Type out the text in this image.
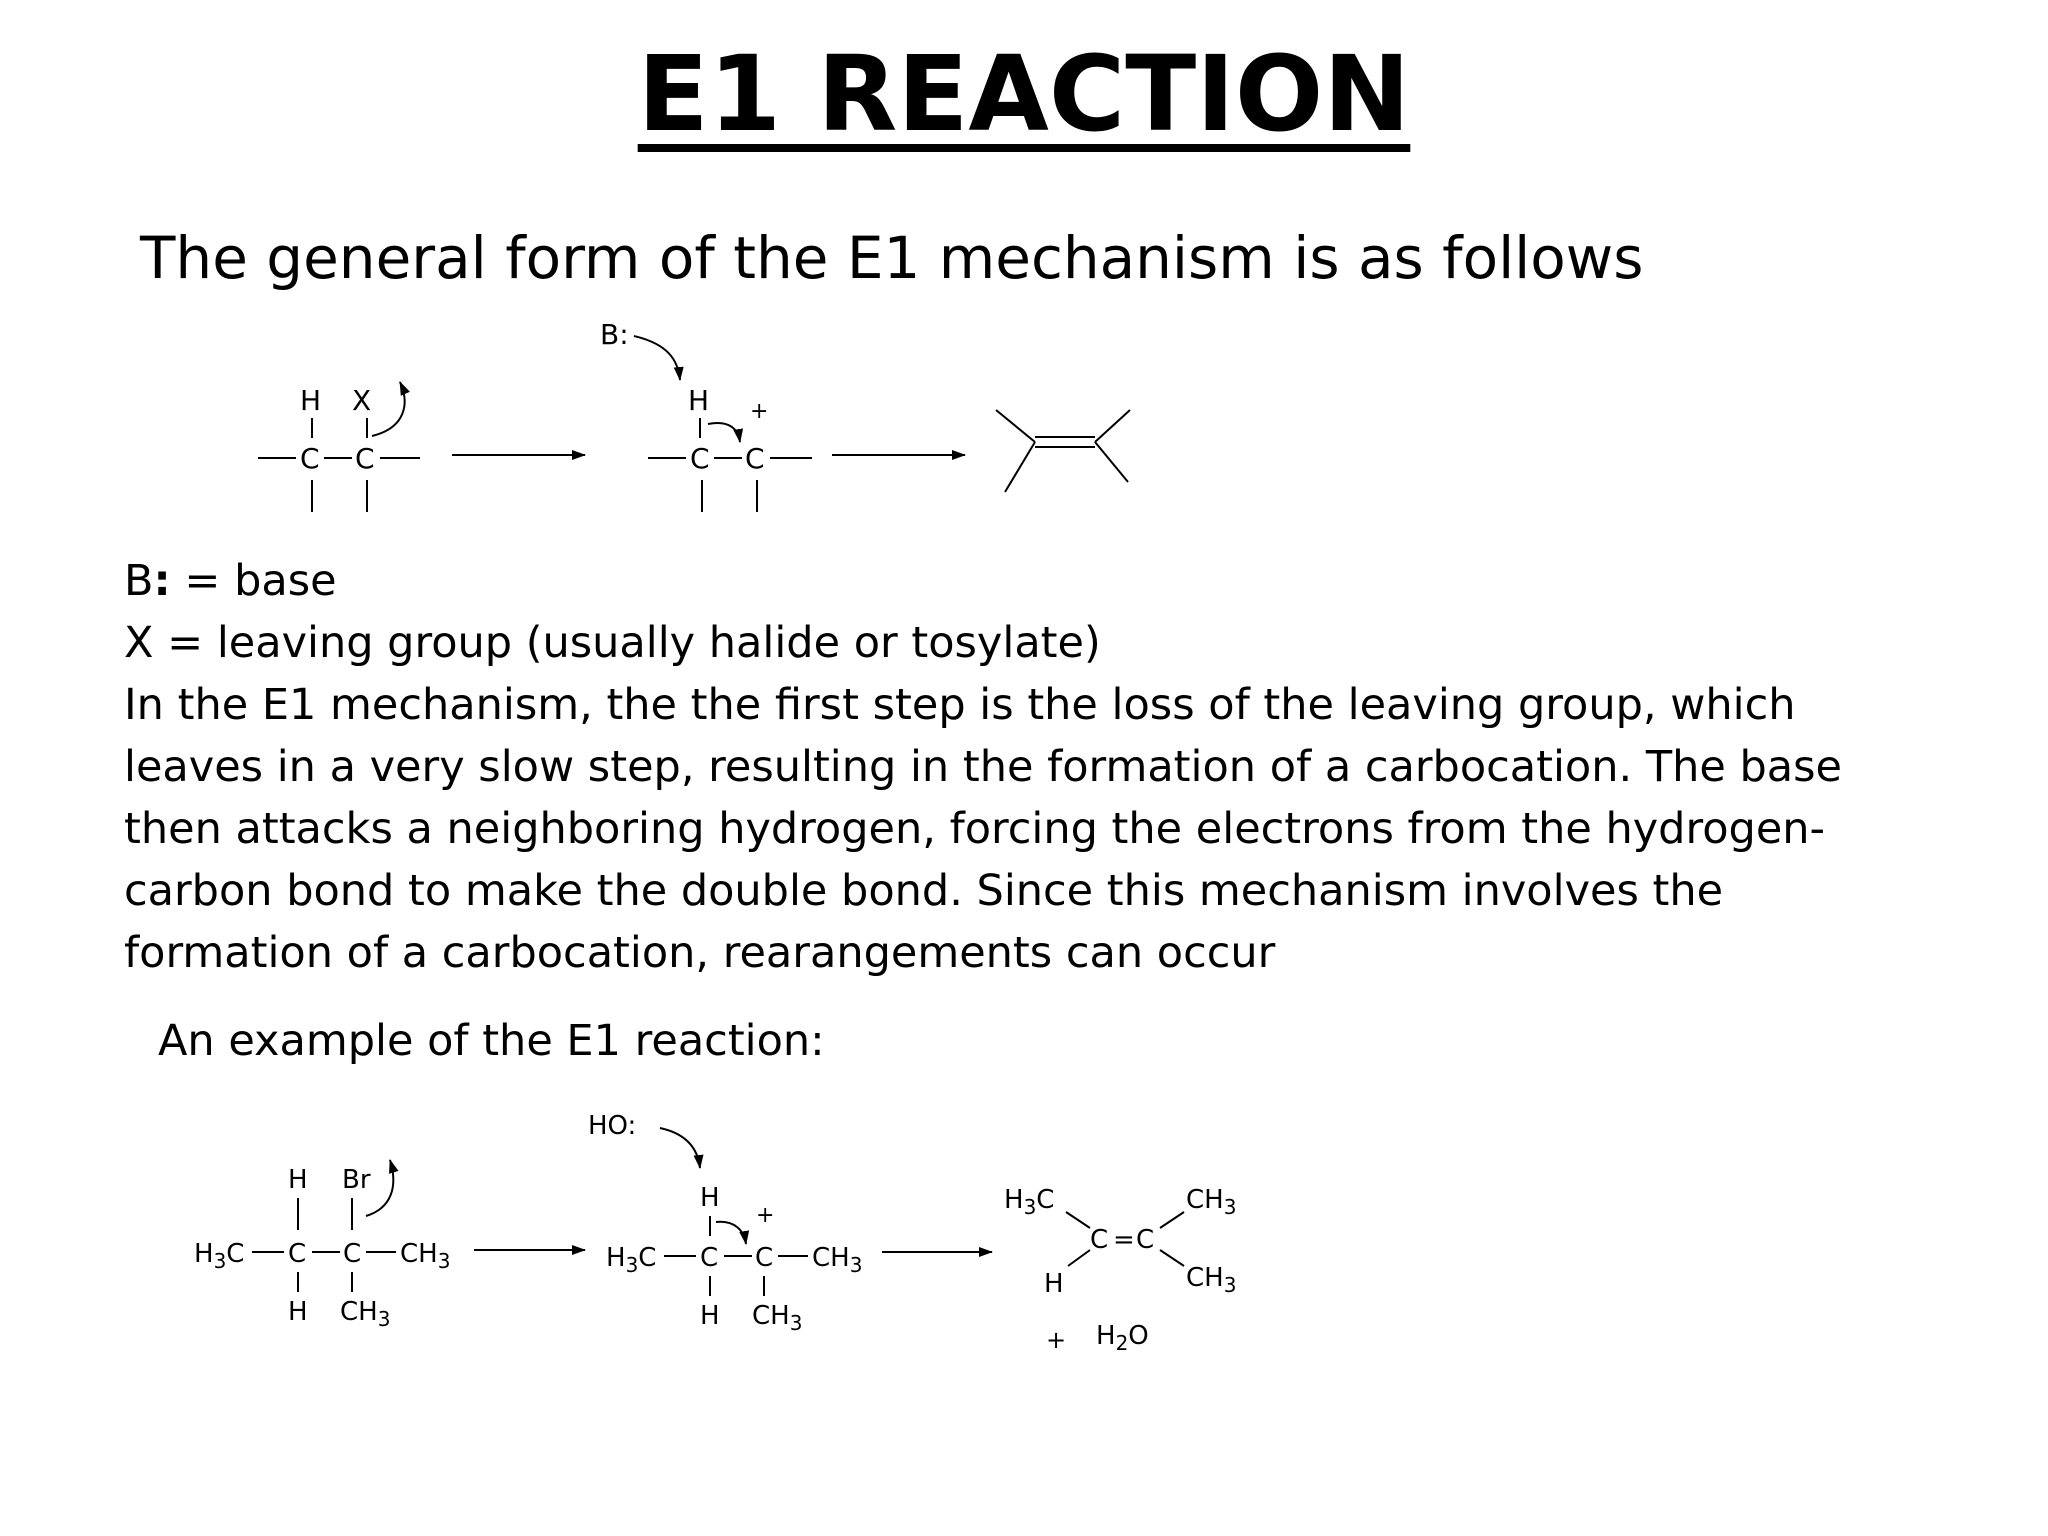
E1 REACTION
The general form of the E1 mechanism is as follows
H X
C C
B:
H +
C C
B: = base
X = leaving group (usually halide or tosylate)
In the E1 mechanism, the the first step is the loss of the leaving group, which
leaves in a very slow step, resulting in the formation of a carbocation. The base
then attacks a neighboring hydrogen, forcing the electrons from the hydrogen-
carbon bond to make the double bond. Since this mechanism involves the
formation of a carbocation, rearangements can occur
An example of the E1 reaction:
H Br
$H_3C$ C C $CH_3$
H $CH_3$
HO:
H
+
$H_3C$ C C $CH_3$
H $CH_3$
$H_3C$
C = C
$CH_3$
$CH_3$
H
+ $H_2O$
